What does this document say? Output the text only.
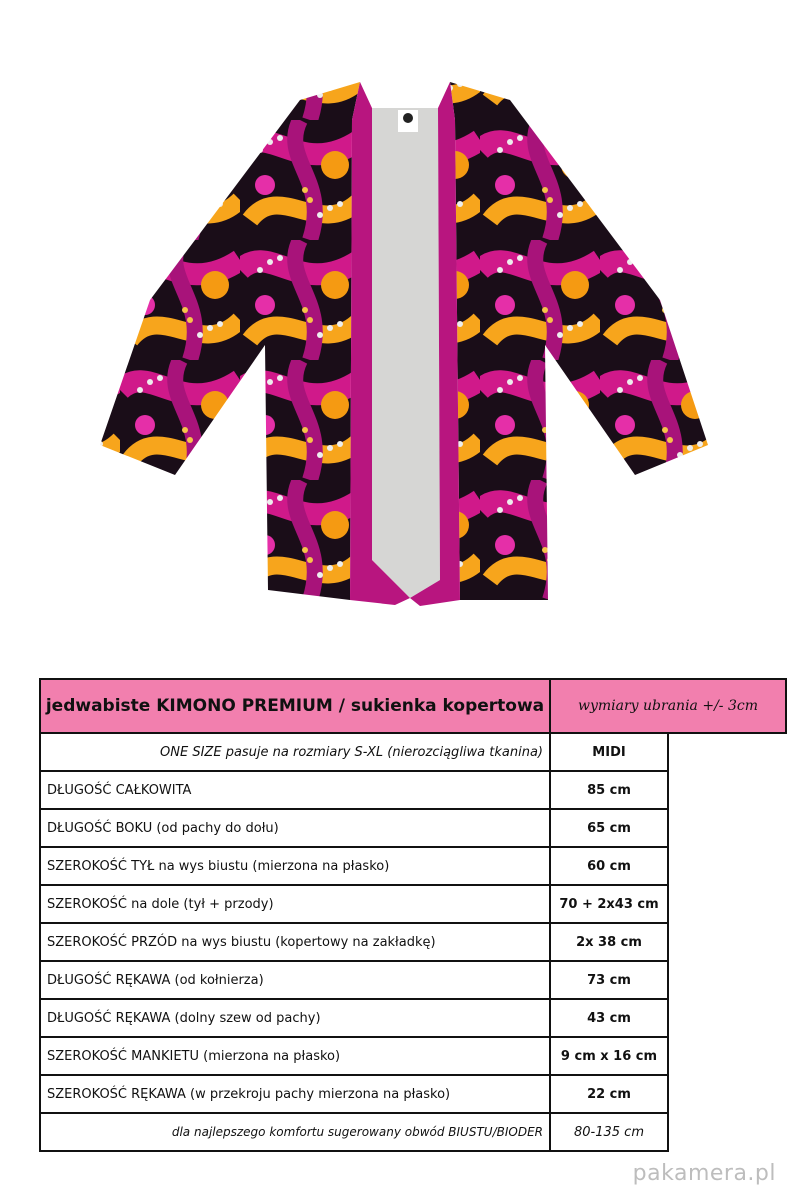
jedwabiste KIMONO PREMIUM / sukienka kopertowa	wymiary ubrania +/- 3cm
ONE SIZE pasuje na rozmiary S-XL (nierozciągliwa tkanina)	MIDI
DŁUGOŚĆ CAŁKOWITA	85 cm
DŁUGOŚĆ BOKU (od pachy do dołu)	65 cm
SZEROKOŚĆ TYŁ na wys biustu (mierzona na płasko)	60 cm
SZEROKOŚĆ na dole (tył + przody)	70 + 2x43 cm
SZEROKOŚĆ PRZÓD na wys biustu (kopertowy na zakładkę)	2x 38 cm
DŁUGOŚĆ RĘKAWA (od kołnierza)	73 cm
DŁUGOŚĆ RĘKAWA (dolny szew od pachy)	43 cm
SZEROKOŚĆ MANKIETU (mierzona na płasko)	9 cm x 16 cm
SZEROKOŚĆ RĘKAWA (w przekroju pachy mierzona na płasko)	22 cm
dla najlepszego komfortu sugerowany obwód BIUSTU/BIODER	80-135 cm
pakamera.pl
